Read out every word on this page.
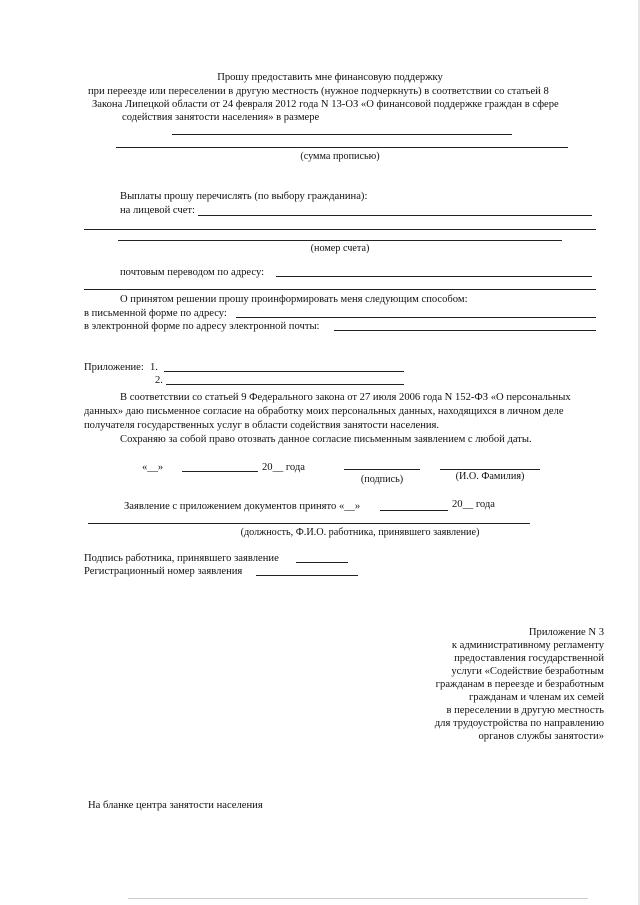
Прошу предоставить мне финансовую поддержку
при переезде или переселении в другую местность (нужное подчеркнуть) в соответствии со статьей 8
Закона Липецкой области от 24 февраля 2012 года N 13-ОЗ «О финансовой поддержке граждан в сфере
содействия занятости населения» в размере
(сумма прописью)
Выплаты прошу перечислять (по выбору гражданина):
на лицевой счет:
(номер счета)
почтовым переводом по адресу:
О принятом решении прошу проинформировать меня следующим способом:
в письменной форме по адресу:
в электронной форме по адресу электронной почты:
Приложение: 1.
2.
В соответствии со статьей 9 Федерального закона от 27 июля 2006 года N 152-ФЗ «О персональных
данных» даю письменное согласие на обработку моих персональных данных, находящихся в личном деле
получателя государственных услуг в области содействия занятости населения.
Сохраняю за собой право отозвать данное согласие письменным заявлением с любой даты.
«__»	20__ года
(подпись)	(И.О. Фамилия)
Заявление с приложением документов принято «__»	20__ года
(должность, Ф.И.О. работника, принявшего заявление)
Подпись работника, принявшего заявление
Регистрационный номер заявления
Приложение N 3
к административному регламенту
предоставления государственной
услуги «Содействие безработным
гражданам в переезде и безработным
гражданам и членам их семей
в переселении в другую местность
для трудоустройства по направлению
органов службы занятости»
На бланке центра занятости населения
